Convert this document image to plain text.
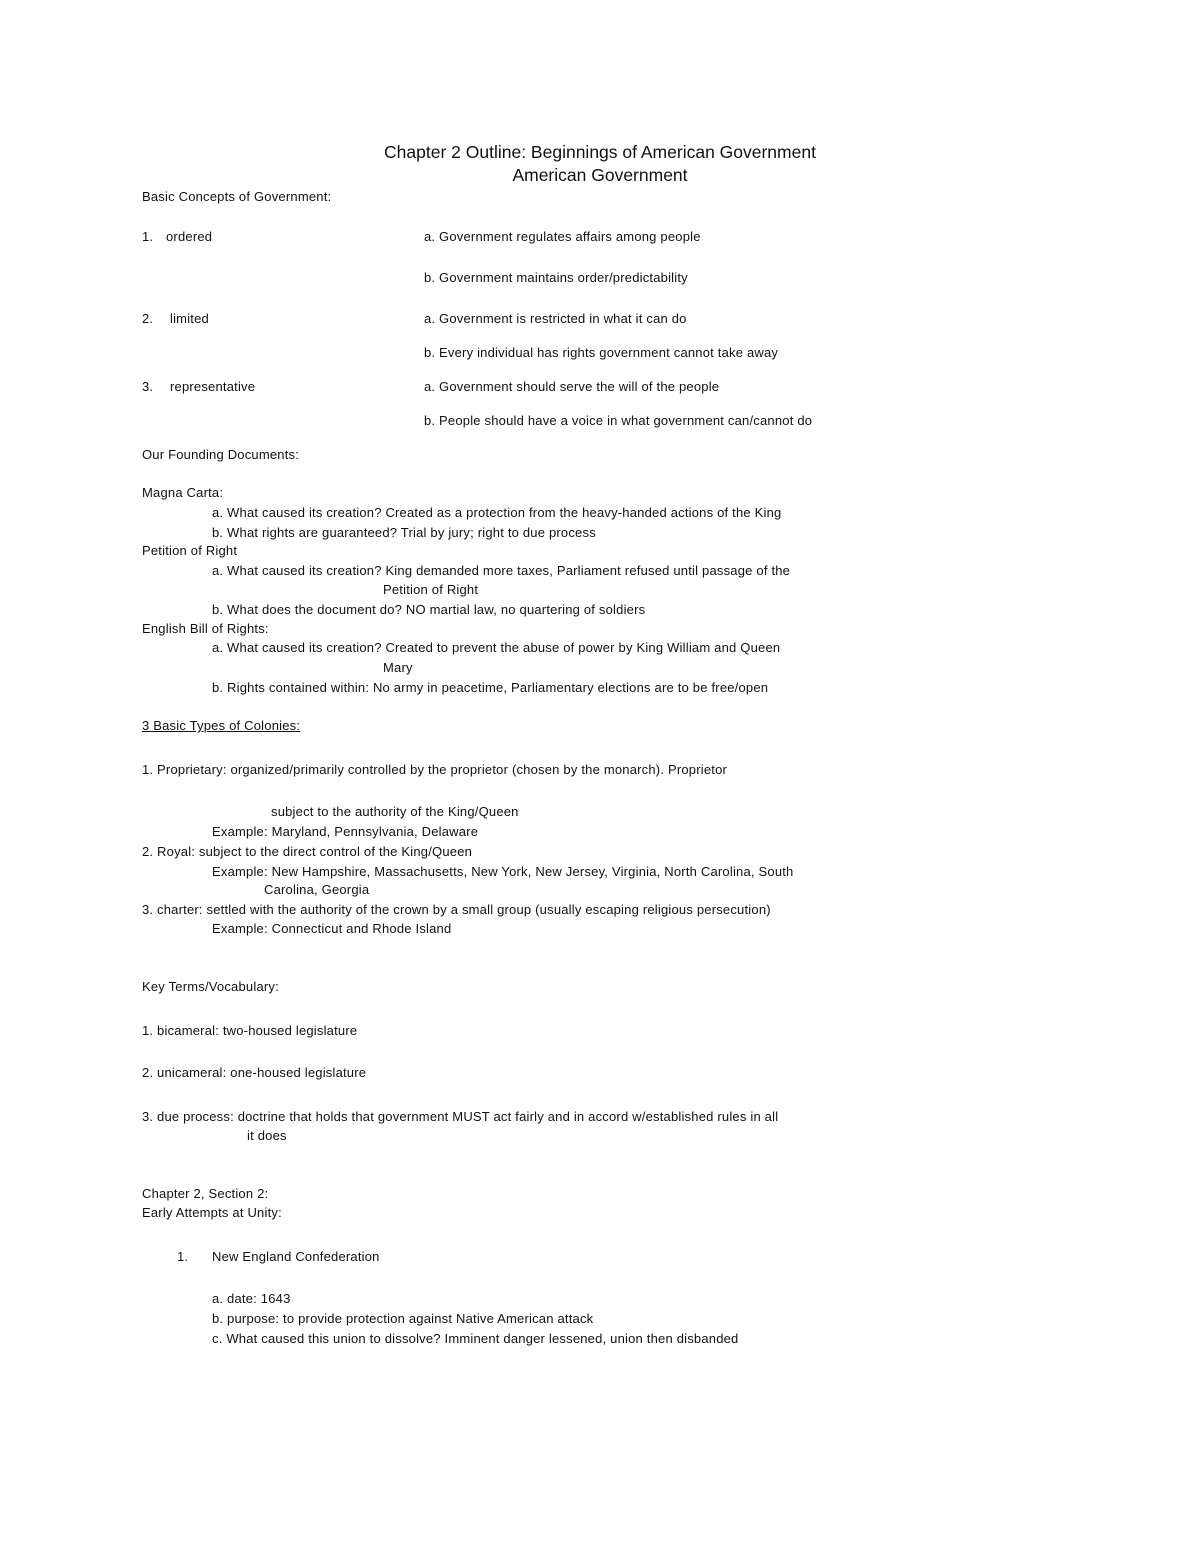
Chapter 2 Outline: Beginnings of American Government
American Government
Basic Concepts of Government:
1. ordered	a. Government regulates affairs among people
b. Government maintains order/predictability
2. limited	a. Government is restricted in what it can do
b. Every individual has rights government cannot take away
3. representative	a. Government should serve the will of the people
b. People should have a voice in what government can/cannot do
Our Founding Documents:
Magna Carta:
a. What caused its creation? Created as a protection from the heavy-handed actions of the King
b. What rights are guaranteed? Trial by jury; right to due process
Petition of Right
a. What caused its creation? King demanded more taxes, Parliament refused until passage of the
Petition of Right
b. What does the document do? NO martial law, no quartering of soldiers
English Bill of Rights:
a. What caused its creation? Created to prevent the abuse of power by King William and Queen
Mary
b. Rights contained within: No army in peacetime, Parliamentary elections are to be free/open
3 Basic Types of Colonies:
1. Proprietary: organized/primarily controlled by the proprietor (chosen by the monarch). Proprietor
subject to the authority of the King/Queen
Example: Maryland, Pennsylvania, Delaware
2. Royal: subject to the direct control of the King/Queen
Example: New Hampshire, Massachusetts, New York, New Jersey, Virginia, North Carolina, South
Carolina, Georgia
3. charter: settled with the authority of the crown by a small group (usually escaping religious persecution)
Example: Connecticut and Rhode Island
Key Terms/Vocabulary:
1. bicameral: two-housed legislature
2. unicameral: one-housed legislature
3. due process: doctrine that holds that government MUST act fairly and in accord w/established rules in all
it does
Chapter 2, Section 2:
Early Attempts at Unity:
1. New England Confederation
a. date: 1643
b. purpose: to provide protection against Native American attack
c. What caused this union to dissolve? Imminent danger lessened, union then disbanded
